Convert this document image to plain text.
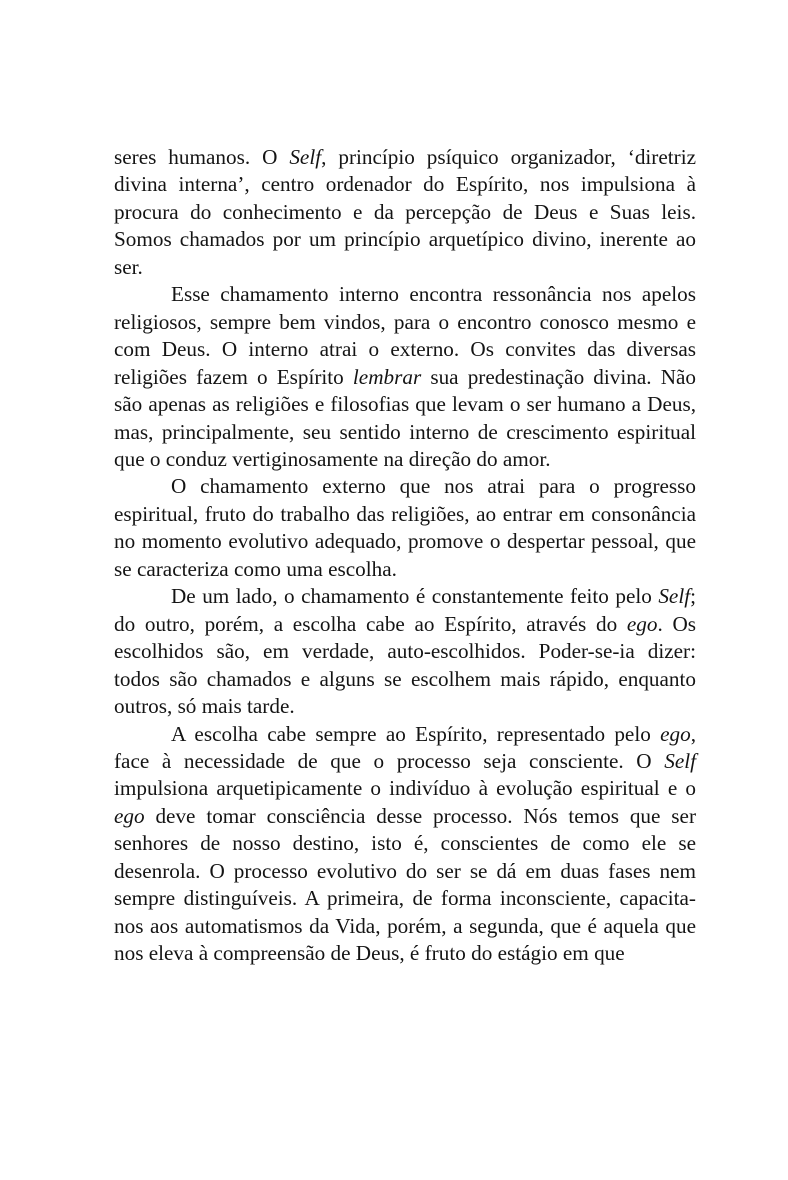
seres humanos. O Self, princípio psíquico organizador, ‘diretriz divina interna’, centro ordenador do Espírito, nos impulsiona à procura do conhecimento e da percepção de Deus e Suas leis. Somos chamados por um princípio arquetípico divino, inerente ao ser.

Esse chamamento interno encontra ressonância nos apelos religiosos, sempre bem vindos, para o encontro conosco mesmo e com Deus. O interno atrai o externo. Os convites das diversas religiões fazem o Espírito lembrar sua predestinação divina. Não são apenas as religiões e filosofias que levam o ser humano a Deus, mas, principalmente, seu sentido interno de crescimento espiritual que o conduz vertiginosamente na direção do amor.

O chamamento externo que nos atrai para o progresso espiritual, fruto do trabalho das religiões, ao entrar em consonância no momento evolutivo adequado, promove o despertar pessoal, que se caracteriza como uma escolha.

De um lado, o chamamento é constantemente feito pelo Self; do outro, porém, a escolha cabe ao Espírito, através do ego. Os escolhidos são, em verdade, auto-escolhidos. Poder-se-ia dizer: todos são chamados e alguns se escolhem mais rápido, enquanto outros, só mais tarde.

A escolha cabe sempre ao Espírito, representado pelo ego, face à necessidade de que o processo seja consciente. O Self impulsiona arquetipicamente o indivíduo à evolução espiritual e o ego deve tomar consciência desse processo. Nós temos que ser senhores de nosso destino, isto é, conscientes de como ele se desenrola. O processo evolutivo do ser se dá em duas fases nem sempre distinguíveis. A primeira, de forma inconsciente, capacita-nos aos automatismos da Vida, porém, a segunda, que é aquela que nos eleva à compreensão de Deus, é fruto do estágio em que
